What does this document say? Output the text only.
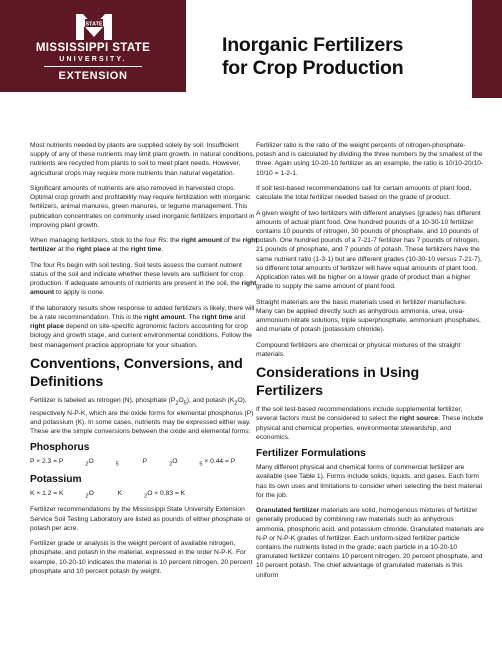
STATE
MISSISSIPPI STATE
UNIVERSITY.
EXTENSION
Inorganic Fertilizers
for Crop Production

Most nutrients needed by plants are supplied solely by soil. Insufficient supply of any of these nutrients may limit plant growth. In natural conditions, nutrients are recycled from plants to soil to meet plant needs. However, agricultural crops may require more nutrients than natural vegetation.

Significant amounts of nutrients are also removed in harvested crops. Optimal crop growth and profitability may require fertilization with inorganic fertilizers, animal manures, green manures, or legume management. This publication concentrates on commonly used inorganic fertilizers important in improving plant growth.

When managing fertilizers, stick to the four Rs: the right amount of the right fertilizer at the right place at the right time.

The four Rs begin with soil testing. Soil tests assess the current nutrient status of the soil and indicate whether these levels are sufficient for crop production. If adequate amounts of nutrients are present in the soil, the right amount to apply is none.

If the laboratory results show response to added fertilizers is likely, there will be a rate recommendation. This is the right amount. The right time and right place depend on site-specific agronomic factors accounting for crop biology and growth stage, and current environmental conditions. Follow the best management practice appropriate for your situation.

Conventions, Conversions, and Definitions

Fertilizer is labeled as nitrogen (N), phosphate $(P_2O_5)$, and potash $(K_2O)$, respectively N-P-K, which are the oxide forms for elemental phosphorus (P) and potassium (K). In some cases, nutrients may be expressed either way. These are the simple conversions between the oxide and elemental forms:

Phosphorus
P × 2.3 = P	$_2$O	$_5$	P	$_2$O	$_5$ × 0.44 = P
Potassium
K × 1.2 = K	$_2$O	K	$_2$O × 0.83 = K

Fertilizer recommendations by the Mississippi State University Extension Service Soil Testing Laboratory are listed as pounds of either phosphate or potash per acre.

Fertilizer grade or analysis is the weight percent of available nitrogen, phosphate, and potash in the material, expressed in the order N-P-K. For example, 10-20-10 indicates the material is 10 percent nitrogen, 20 percent phosphate and 10 percent potash by weight.

Fertilizer ratio is the ratio of the weight percents of nitrogen-phosphate-potash and is calculated by dividing the three numbers by the smallest of the three. Again using 10-20-10 fertilizer as an example, the ratio is 10/10-20/10-10/10 = 1-2-1.

If soil test-based recommendations call for certain amounts of plant food, calculate the total fertilizer needed based on the grade of product.

A given weight of two fertilizers with different analyses (grades) has different amounts of actual plant food. One hundred pounds of a 10-30-10 fertilizer contains 10 pounds of nitrogen, 30 pounds of phosphate, and 10 pounds of potash. One hundred pounds of a 7-21-7 fertilizer has 7 pounds of nitrogen, 21 pounds of phosphate, and 7 pounds of potash. These fertilizers have the same nutrient ratio (1-3-1) but are different grades (10-30-10 versus 7-21-7), so different total amounts of fertilizer will have equal amounts of plant food. Application rates will be higher on a lower grade of product than a higher grade to supply the same amount of plant food.

Straight materials are the basic materials used in fertilizer manufacture. Many can be applied directly such as anhydrous ammonia, urea, urea-ammonium nitrate solutions, triple superphosphate, ammonium phosphates, and muriate of potash (potassium chloride).

Compound fertilizers are chemical or physical mixtures of the straight materials.

Considerations in Using Fertilizers

If the soil test-based recommendations include supplemental fertilizer, several factors must be considered to select the right source. These include physical and chemical properties, environmental stewardship, and economics.

Fertilizer Formulations

Many different physical and chemical forms of commercial fertilizer are available (see Table 1). Forms include solids, liquids, and gases. Each form has its own uses and limitations to consider when selecting the best material for the job.

Granulated fertilizer materials are solid, homogenous mixtures of fertilizer generally produced by combining raw materials such as anhydrous ammonia, phosphoric acid, and potassium chloride. Granulated materials are N-P or N-P-K grades of fertilizer. Each uniform-sized fertilizer particle contains the nutrients listed in the grade; each particle in a 10-20-10 granulated fertilizer contains 10 percent nitrogen, 20 percent phosphate, and 10 percent potash. The chief advantage of granulated materials is this uniform
